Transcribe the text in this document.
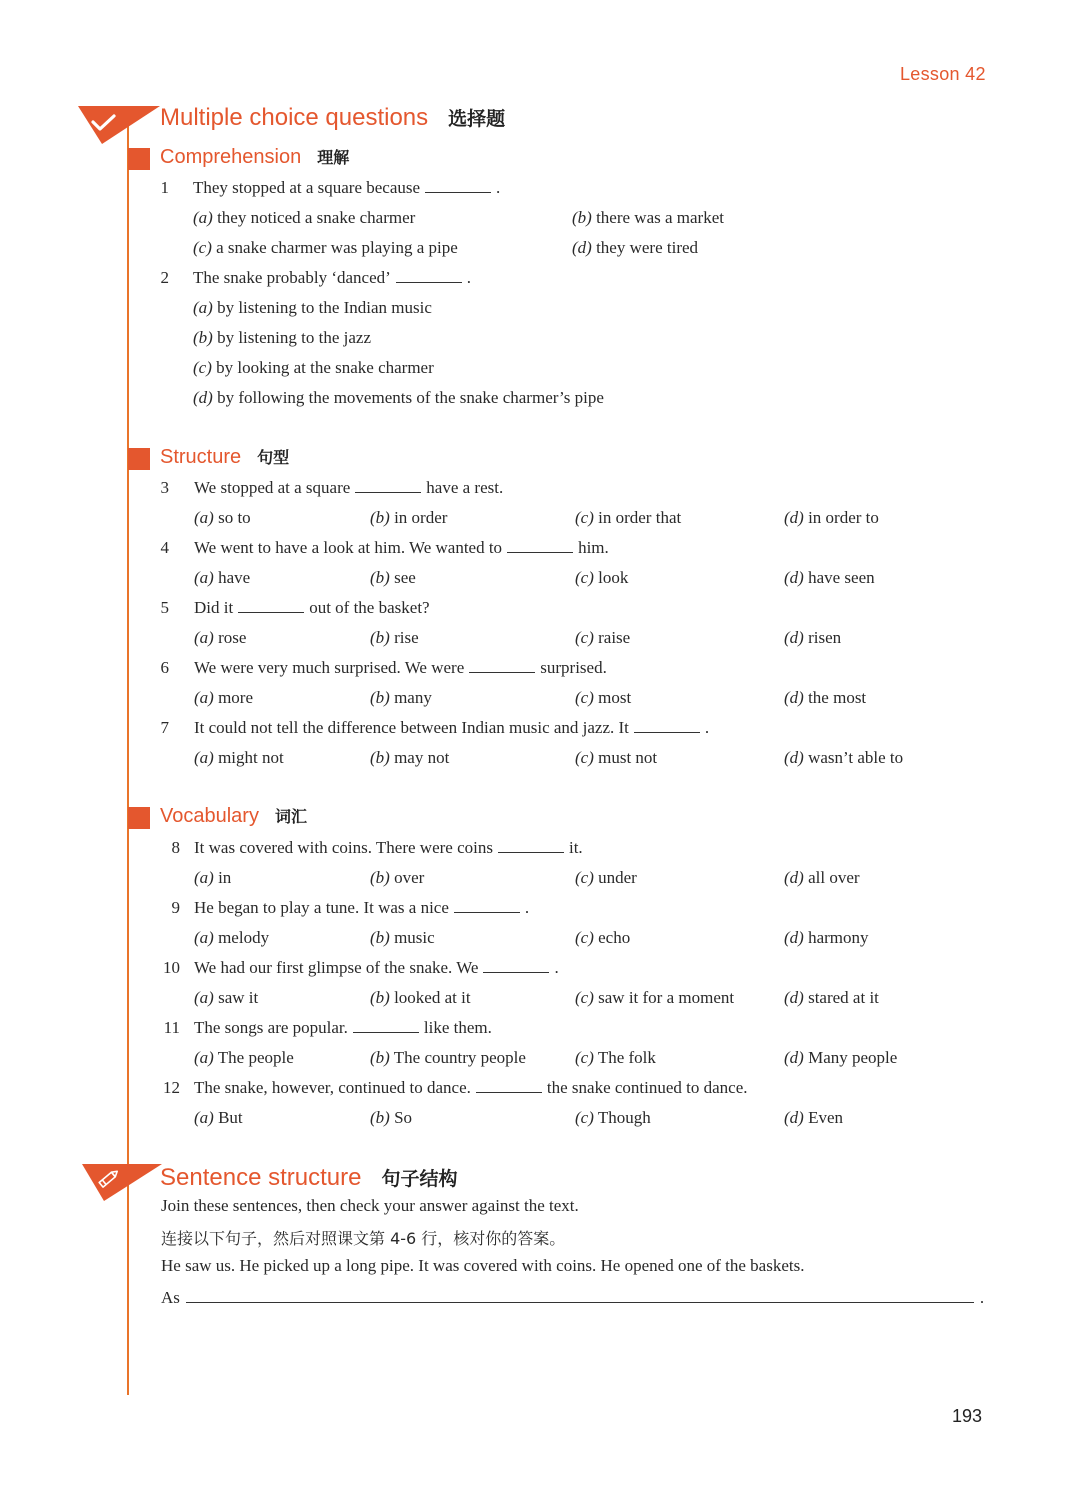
Lesson 42
Multiple choice questions 选择题
Comprehension 理解
1 They stopped at a square because	.
(a) they noticed a snake charmer	(b) there was a market
(c) a snake charmer was playing a pipe	(d) they were tired
2 The snake probably ‘danced’	.
(a) by listening to the Indian music
(b) by listening to the jazz
(c) by looking at the snake charmer
(d) by following the movements of the snake charmer’s pipe
Structure 句型
3 We stopped at a square	have a rest.
(a) so to	(b) in order	(c) in order that	(d) in order to
4 We went to have a look at him. We wanted to	him.
(a) have	(b) see	(c) look	(d) have seen
5 Did it	out of the basket?
(a) rose	(b) rise	(c) raise	(d) risen
6 We were very much surprised. We were	surprised.
(a) more	(b) many	(c) most	(d) the most
7 It could not tell the difference between Indian music and jazz. It	.
(a) might not	(b) may not	(c) must not	(d) wasn’t able to
Vocabulary 词汇
8 It was covered with coins. There were coins	it.
(a) in	(b) over	(c) under	(d) all over
9 He began to play a tune. It was a nice	.
(a) melody	(b) music	(c) echo	(d) harmony
10 We had our first glimpse of the snake. We	.
(a) saw it	(b) looked at it	(c) saw it for a moment	(d) stared at it
11 The songs are popular.	like them.
(a) The people	(b) The country people	(c) The folk	(d) Many people
12 The snake, however, continued to dance.	the snake continued to dance.
(a) But	(b) So	(c) Though	(d) Even
Sentence structure 句子结构
Join these sentences, then check your answer against the text.
连接以下句子，然后对照课文第 4-6 行，核对你的答案。
He saw us. He picked up a long pipe. It was covered with coins. He opened one of the baskets.
As	.
193
